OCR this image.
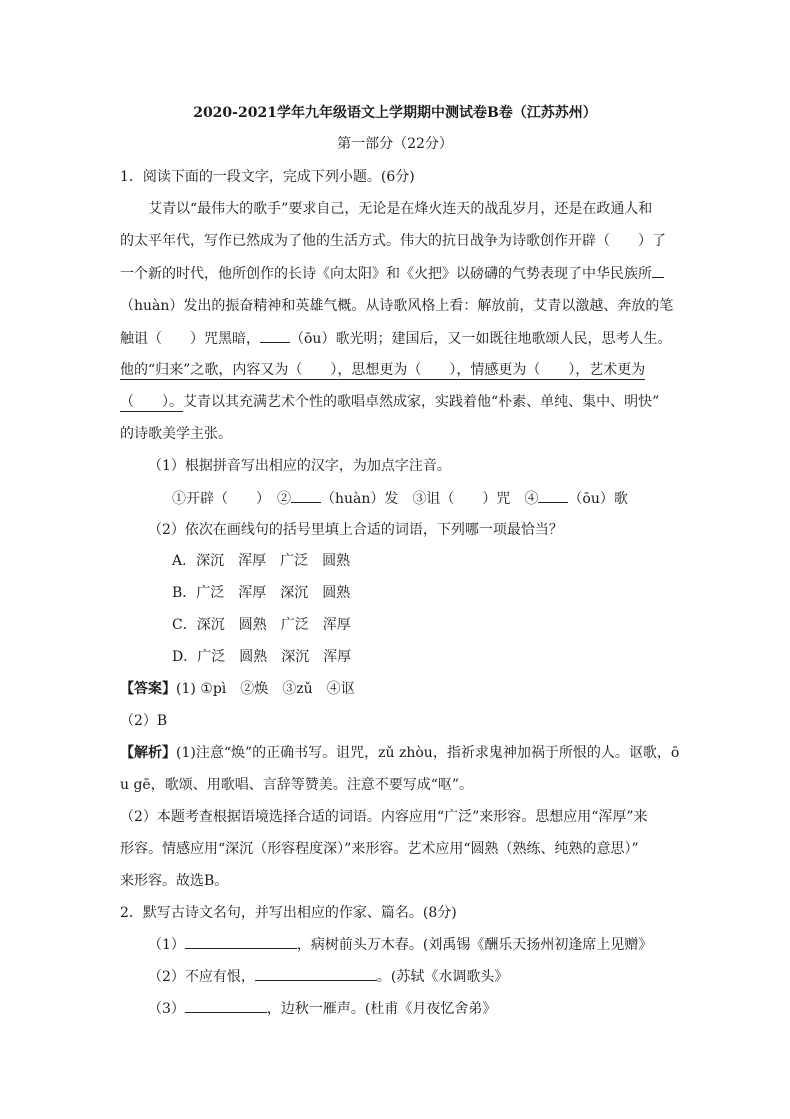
2020-2021学年九年级语文上学期期中测试卷B卷（江苏苏州）
第一部分（22分）
1．阅读下面的一段文字，完成下列小题。(6分)
艾青以“最伟大的歌手”要求自己，无论是在烽火连天的战乱岁月，还是在政通人和
的太平年代，写作已然成为了他的生活方式。伟大的抗日战争为诗歌创作开辟（　　）了
一个新的时代，他所创作的长诗《向太阳》和《火把》以磅礴的气势表现了中华民族所
（huàn）发出的振奋精神和英雄气概。从诗歌风格上看：解放前，艾青以激越、奔放的笔
触诅（　　）咒黑暗， （ōu）歌光明；建国后，又一如既往地歌颂人民，思考人生。
他的“归来”之歌，内容又为（　　），思想更为（　　），情感更为（　　），艺术更为
（　　）。艾青以其充满艺术个性的歌唱卓然成家，实践着他“朴素、单纯、集中、明快”
的诗歌美学主张。
（1）根据拼音写出相应的汉字，为加点字注音。
①开辟（　　）　② （huàn）发　③诅（　　）咒　④ （ōu）歌
（2）依次在画线句的括号里填上合适的词语，下列哪一项最恰当？
A．深沉　浑厚　广泛　圆熟
B．广泛　浑厚　深沉　圆熟
C．深沉　圆熟　广泛　浑厚
D．广泛　圆熟　深沉　浑厚
【答案】(1) ①pì　②焕　③zǔ　④讴
（2）B
【解析】(1)注意“焕”的正确书写。诅咒，zǔ zhòu，指祈求鬼神加祸于所恨的人。讴歌，ō
u gē，歌颂、用歌唱、言辞等赞美。注意不要写成“呕”。
（2）本题考查根据语境选择合适的词语。内容应用“广泛”来形容。思想应用“浑厚”来
形容。情感应用“深沉（形容程度深）”来形容。艺术应用“圆熟（熟练、纯熟的意思）”
来形容。故选B。
2．默写古诗文名句，并写出相应的作家、篇名。(8分)
（1）	，病树前头万木春。(刘禹锡《酬乐天扬州初逢席上见赠》
（2）不应有恨，	。(苏轼《水调歌头》
（3）	，边秋一雁声。(杜甫《月夜忆舍弟》
